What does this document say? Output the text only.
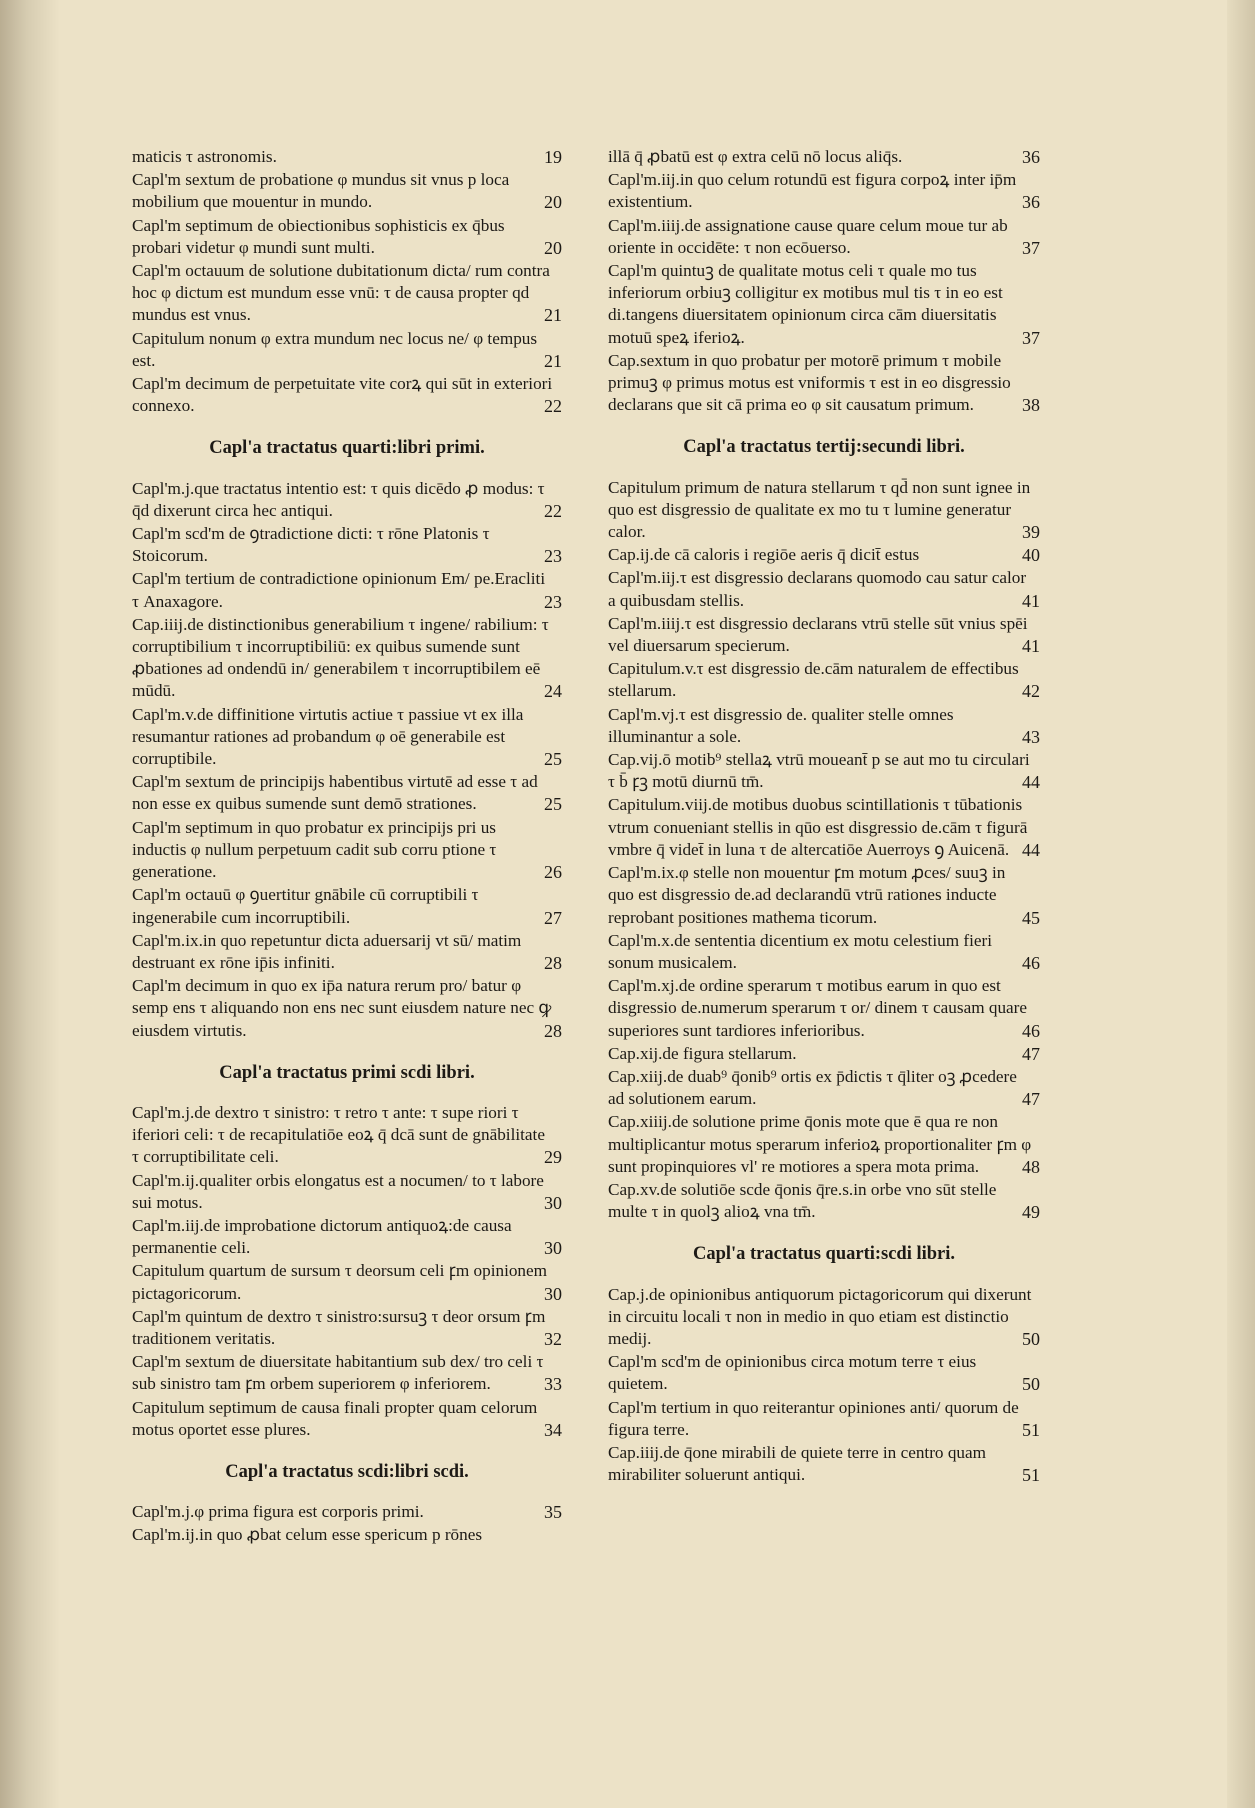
maticis τ astronomis.	19
Capl'm sextum de probatione φ mundus sit vnus p loca mobilium que mouentur in mundo.	20
Capl'm septimum de obiectionibus sophisticis ex q̄bus probari videtur φ mundi sunt multi.	20
Capl'm octauum de solutione dubitationum dicta/ rum contra hoc φ dictum est mundum esse vnū: τ de causa propter qd mundus est vnus.	21
Capitulum nonum φ extra mundum nec locus ne/ φ tempus est.	21
Capl'm decimum de perpetuitate vite corꝝ qui sūt in exteriori connexo.	22
Capl'a tractatus quarti:libri primi.
Capl'm.j.que tractatus intentio est: τ quis dicēdo ꝓ modus: τ q̄d dixerunt circa hec antiqui.	22
Capl'm scd'm de ꝯtradictione dicti: τ rōne Platonis τ Stoicorum.	23
Capl'm tertium de contradictione opinionum Em/ pe.Eracliti τ Anaxagore.	23
Cap.iiij.de distinctionibus generabilium τ ingene/ rabilium: τ corruptibilium τ incorruptibiliū: ex quibus sumende sunt ꝓbationes ad ondendū in/ generabilem τ incorruptibilem eē mūdū.	24
Capl'm.v.de diffinitione virtutis actiue τ passiue vt ex illa resumantur rationes ad probandum φ oē generabile est corruptibile.	25
Capl'm sextum de principijs habentibus virtutē ad esse τ ad non esse ex quibus sumende sunt demō strationes.	25
Capl'm septimum in quo probatur ex principijs pri us inductis φ nullum perpetuum cadit sub corru ptione τ generatione.	26
Capl'm octauū φ ꝯuertitur gnābile cū corruptibili τ ingenerabile cum incorruptibili.	27
Capl'm.ix.in quo repetuntur dicta aduersarij vt sū/ matim destruant ex rōne ip̄is infiniti.	28
Capl'm decimum in quo ex ip̄a natura rerum pro/ batur φ semp ens τ aliquando non ens nec sunt eiusdem nature nec ꝙ eiusdem virtutis.	28
Capl'a tractatus primi scdi libri.
Capl'm.j.de dextro τ sinistro: τ retro τ ante: τ supe riori τ iferiori celi: τ de recapitulatiōe eoꝝ q̄ dcā sunt de gnābilitate τ corruptibilitate celi.	29
Capl'm.ij.qualiter orbis elongatus est a nocumen/ to τ labore sui motus.	30
Capl'm.iij.de improbatione dictorum antiquoꝝ:de causa permanentie celi.	30
Capitulum quartum de sursum τ deorsum celi ꝼm opinionem pictagoricorum.	30
Capl'm quintum de dextro τ sinistro:sursuꝫ τ deor orsum ꝼm traditionem veritatis.	32
Capl'm sextum de diuersitate habitantium sub dex/ tro celi τ sub sinistro tam ꝼm orbem superiorem φ inferiorem.	33
Capitulum septimum de causa finali propter quam celorum motus oportet esse plures.	34
Capl'a tractatus scdi:libri scdi.
Capl'm.j.φ prima figura est corporis primi.	35
Capl'm.ij.in quo ꝓbat celum esse spericum p rōnes
illā q̄ ꝓbatū est φ extra celū nō locus aliq̄s.	36
Capl'm.iij.in quo celum rotundū est figura corpoꝝ inter ip̄m existentium.	36
Capl'm.iiij.de assignatione cause quare celum moue tur ab oriente in occidēte: τ non ecōuerso.	37
Capl'm quintuꝫ de qualitate motus celi τ quale mo tus inferiorum orbiuꝫ colligitur ex motibus mul tis τ in eo est di.tangens diuersitatem opinionum circa cām diuersitatis motuū speꝝ iferioꝝ.	37
Cap.sextum in quo probatur per motorē primum τ mobile primuꝫ φ primus motus est vniformis τ est in eo disgressio declarans que sit cā prima eo φ sit causatum primum.	38
Capl'a tractatus tertij:secundi libri.
Capitulum primum de natura stellarum τ qd̄ non sunt ignee in quo est disgressio de qualitate ex mo tu τ lumine generatur calor.	39
Cap.ij.de cā caloris i regiōe aeris q̄ dicit̄ estus	40
Capl'm.iij.τ est disgressio declarans quomodo cau satur calor a quibusdam stellis.	41
Capl'm.iiij.τ est disgressio declarans vtrū stelle sūt vnius spēi vel diuersarum specierum.	41
Capitulum.v.τ est disgressio de.cām naturalem de effectibus stellarum.	42
Capl'm.vj.τ est disgressio de. qualiter stelle omnes illuminantur a sole.	43
Cap.vij.ō motib⁹ stellaꝝ vtrū moueant̄ p se aut mo tu circulari τ b̄ ꝼꝫ motū diurnū tm̄.	44
Capitulum.viij.de motibus duobus scintillationis τ tūbationis vtrum conueniant stellis in qūo est disgressio de.cām τ figurā vmbre q̄ videt̄ in luna τ de altercatiōe Auerroys ꝯ Auicenā. 44
Capl'm.ix.φ stelle non mouentur ꝼm motum ꝓces/ suuꝫ in quo est disgressio de.ad declarandū vtrū rationes inducte reprobant positiones mathema ticorum.	45
Capl'm.x.de sententia dicentium ex motu celestium fieri sonum musicalem.	46
Capl'm.xj.de ordine sperarum τ motibus earum in quo est disgressio de.numerum sperarum τ or/ dinem τ causam quare superiores sunt tardiores inferioribus.	46
Cap.xij.de figura stellarum.	47
Cap.xiij.de duab⁹ q̄onib⁹ ortis ex p̄dictis τ q̄liter oꝫ ꝓcedere ad solutionem earum.	47
Cap.xiiij.de solutione prime q̄onis mote que ē qua re non multiplicantur motus sperarum inferioꝝ proportionaliter ꝼm φ sunt propinquiores vl' re motiores a spera mota prima. 48
Cap.xv.de solutiōe scde q̄onis q̄re.s.in orbe vno sūt stelle multe τ in quolꝫ alioꝝ vna tm̄.	49
Capl'a tractatus quarti:scdi libri.
Cap.j.de opinionibus antiquorum pictagoricorum qui dixerunt in circuitu locali τ non in medio in quo etiam est distinctio medij.	50
Capl'm scd'm de opinionibus circa motum terre τ eius quietem.	50
Capl'm tertium in quo reiterantur opiniones anti/ quorum de figura terre.	51
Cap.iiij.de q̄one mirabili de quiete terre in centro quam mirabiliter soluerunt antiqui.	51
